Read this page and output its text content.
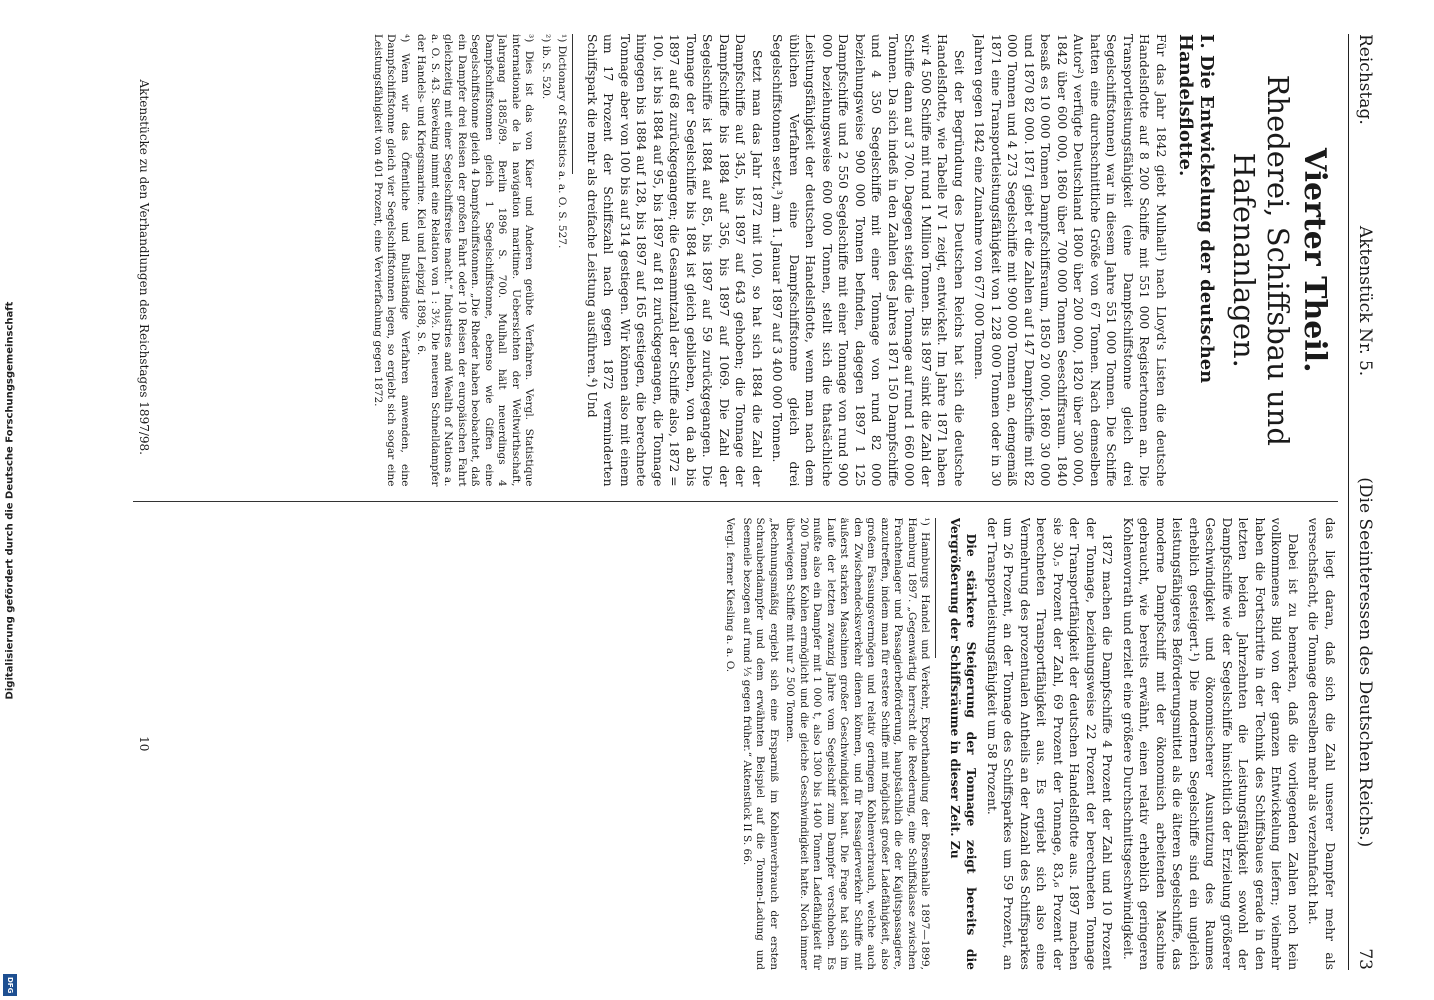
Digitalisierung gefördert durch die Deutsche Forschungsgemeinschaft
DFG
Reichstag.
Aktenstück Nr. 5.
(Die Seeinteressen des Deutschen Reichs.)
73
Vierter Theil.
Rhederei, Schiffsbau und Hafenanlagen.
I. Die Entwickelung der deutschen Handelsflotte.

Für das Jahr 1842 giebt Mulhall¹) nach Lloyd's Listen die deutsche Handelsflotte auf 8 200 Schiffe mit 551 000 Registertonnen an. Die Transportleistungsfähigkeit (eine Dampfschiffstonne gleich drei Segelschiffstonnen) war in diesem Jahre 551 000 Tonnen. Die Schiffe hatten eine durchschnittliche Größe von 67 Tonnen. Nach demselben Autor²) verfügte Deutschland 1800 über 200 000, 1820 über 300 000, 1842 über 600 000, 1860 über 700 000 Tonnen Seeschiffsraum. 1840 besaß es 10 000 Tonnen Dampfschiffsraum, 1850 20 000, 1860 30 000 und 1870 82 000. 1871 giebt er die Zahlen auf 147 Dampfschiffe mit 82 000 Tonnen und 4 273 Segelschiffe mit 900 000 Tonnen an, demgemäß 1871 eine Transportleistungsfähigkeit von 1 228 000 Tonnen oder in 30 Jahren gegen 1842 eine Zunahme von 677 000 Tonnen.

Seit der Begründung des Deutschen Reichs hat sich die deutsche Handelsflotte, wie Tabelle IV 1 zeigt, entwickelt. Im Jahre 1871 haben wir 4 500 Schiffe mit rund 1 Million Tonnen. Bis 1897 sinkt die Zahl der Schiffe dann auf 3 700. Dagegen steigt die Tonnage auf rund 1 660 000 Tonnen. Da sich indeß in den Zahlen des Jahres 1871 150 Dampfschiffe und 4 350 Segelschiffe mit einer Tonnage von rund 82 000 beziehungsweise 900 000 Tonnen befinden, dagegen 1897 1 125 Dampfschiffe und 2 550 Segelschiffe mit einer Tonnage von rund 900 000 beziehungsweise 600 000 Tonnen, stellt sich die thatsächliche Leistungsfähigkeit der deutschen Handelsflotte, wenn man nach dem üblichen Verfahren eine Dampfschiffstonne gleich drei Segelschiffstonnen setzt,³) am 1. Januar 1897 auf 3 400 000 Tonnen.

Setzt man das Jahr 1872 mit 100, so hat sich 1884 die Zahl der Dampfschiffe auf 345, bis 1897 auf 643 gehoben; die Tonnage der Dampfschiffe bis 1884 auf 356, bis 1897 auf 1069. Die Zahl der Segelschiffe ist 1884 auf 85, bis 1897 auf 59 zurückgegangen. Die Tonnage der Segelschiffe bis 1884 ist gleich geblieben, von da ab bis 1897 auf 68 zurückgegangen; die Gesammtzahl der Schiffe also, 1872 = 100, ist bis 1884 auf 95, bis 1897 auf 81 zurückgegangen, die Tonnage hingegen bis 1884 auf 128, bis 1897 auf 165 gestiegen, die berechnete Tonnage aber von 100 bis auf 314 gestiegen. Wir können also mit einem um 17 Prozent der Schiffszahl nach gegen 1872 verminderten Schiffspark die mehr als dreifache Leistung ausführen.⁴) Und

¹) Dictionary of Statistics a. a. O. S. 527.

²) ib. S. 520.

³) Dies ist das von Kiaer und Anderen geübte Verfahren. Vergl. Statistique internationale de la navigation maritime. Uebersichten der Weltwirthschaft, Jahrgang 1885/89. Berlin 1896 S. 700. Mulhall hält neuerdings 4 Dampfschiffstonnen gleich 1 Segelschiffstonne, ebenso wie Giffen eine Segelschiffstonne gleich 4 Dampfschiffstonnen. „Die Rheder haben beobachtet, daß ein Dampfer drei Reisen der großen Fahrt oder 10 Reisen der europäischen Fahrt gleichzeitig mit einer Segelschiffsreise macht.“ Industries and Wealth of Nations a. a. O. S. 43. Sieveking nimmt eine Relation von 1 : 3½. Die neueren Schnelldampfer der Handels- und Kriegsmarine. Kiel und Leipzig 1898, S. 6.

⁴) Wenn wir das Öffentliche und Bullständige Verfahren anwenden, eine Dampfschiffstonne gleich vier Segelschiffstonnen legen, so ergiebt sich sogar eine Leistungsfähigkeit von 401 Prozent, eine Vervierfachung gegen 1872.

Aktenstücke zu den Verhandlungen des Reichstages 1897/98.

das liegt daran, daß sich die Zahl unserer Dampfer mehr als versechsfacht, die Tonnage derselben mehr als verzehnfacht hat.

Dabei ist zu bemerken, daß die vorliegenden Zahlen noch kein vollkommenes Bild von der ganzen Entwickelung liefern; vielmehr haben die Fortschritte in der Technik des Schiffsbaues gerade in den letzten beiden Jahrzehnten die Leistungsfähigkeit sowohl der Dampfschiffe wie der Segelschiffe hinsichtlich der Erzielung größerer Geschwindigkeit und ökonomischerer Ausnutzung des Raumes erheblich gesteigert.¹) Die modernen Segelschiffe sind ein ungleich leistungsfähigeres Beförderungsmittel als die älteren Segelschiffe, das moderne Dampfschiff mit der ökonomisch arbeitenden Maschine gebraucht, wie bereits erwähnt, einen relativ erheblich geringeren Kohlenvorrath und erzielt eine größere Durchschnittsgeschwindigkeit.

1872 machen die Dampfschiffe 4 Prozent der Zahl und 10 Prozent der Tonnage, beziehungsweise 22 Prozent der berechneten Tonnage der Transportfähigkeit der deutschen Handelsflotte aus. 1897 machen sie 30,₅ Prozent der Zahl, 69 Prozent der Tonnage, 83,₆ Prozent der berechneten Transportfähigkeit aus. Es ergiebt sich also eine Vermehrung des prozentualen Antheils an der Anzahl des Schiffsparkes um 26 Prozent, an der Tonnage des Schiffsparkes um 59 Prozent, an der Transportleistungsfähigkeit um 58 Prozent.

Die stärkere Steigerung der Tonnage zeigt bereits die Vergrößerung der Schiffsräume in dieser Zeit. Zu

¹) Hamburgs Handel und Verkehr, Exporthandlung der Börsenhalle 1897—1899, Hamburg 1897. „Gegenwärtig herrscht die Reederung, eine Schiffsklasse zwischen Frachtenlager und Passagierbeförderung, hauptsächlich die der Kajütspassagiere, anzutreffen, indem man für erstere Schiffe mit möglichst großer Ladefähigkeit, also großem Fassungsvermögen und relativ geringem Kohlenverbrauch, welche auch den Zwischendecksverkehr dienen können, und für Passagierverkehr Schiffe mit äußerst starken Maschinen großer Geschwindigkeit baut. Die Frage hat sich im Laufe der letzten zwanzig Jahre vom Segelschiff zum Dampfer verschoben. Es mußte also ein Dampfer mit 1 000 t, also 1300 bis 1400 Tonnen Ladefähigkeit für 200 Tonnen Kohlen ermöglicht und die gleiche Geschwindigkeit hatte. Noch immer überwiegen Schiffe mit nur 2 500 Tonnen.

„Rechnungsmäßig ergiebt sich eine Ersparniß im Kohlenverbrauch der ersten Schraubendampfer und dem erwähnten Beispiel auf die Tonnen-Ladung und Seemeile bezogen auf rund ⅓ gegen früher.“ Aktenstück II S. 66.

Vergl. ferner Kiesling a. a. O.

10
